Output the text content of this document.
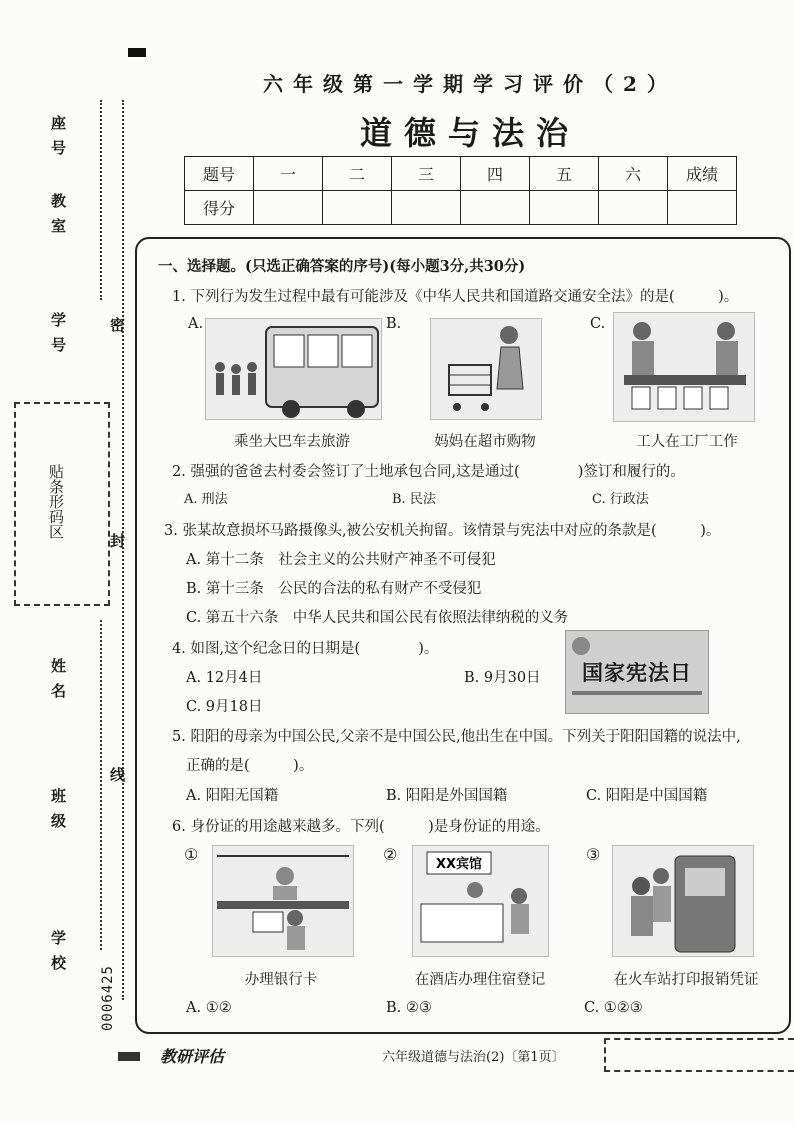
座号
教室
学号
姓名
班级
学校
密
封
线
贴条形码区
0006425
六年级第一学期学习评价（2）
道德与法治
题号	一	二	三	四	五	六	成绩
得分							
一、选择题。(只选正确答案的序号)(每小题3分,共30分)
1. 下列行为发生过程中最有可能涉及《中华人民共和国道路交通安全法》的是(　　　)。
A.	B.	C.
乘坐大巴车去旅游	妈妈在超市购物	工人在工厂工作
2. 强强的爸爸去村委会签订了土地承包合同,这是通过(　　　　)签订和履行的。
A. 刑法	B. 民法	C. 行政法
3. 张某故意损坏马路摄像头,被公安机关拘留。该情景与宪法中对应的条款是(　　　)。
A. 第十二条　社会主义的公共财产神圣不可侵犯
B. 第十三条　公民的合法的私有财产不受侵犯
C. 第五十六条　中华人民共和国公民有依照法律纳税的义务
4. 如图,这个纪念日的日期是(　　　　)。
A. 12月4日	B. 9月30日
C. 9月18日
国家宪法日
5. 阳阳的母亲为中国公民,父亲不是中国公民,他出生在中国。下列关于阳阳国籍的说法中,
正确的是(　　　)。
A. 阳阳无国籍	B. 阳阳是外国国籍	C. 阳阳是中国国籍
6. 身份证的用途越来越多。下列(　　　)是身份证的用途。
①	②	③
XX宾馆
办理银行卡	在酒店办理住宿登记	在火车站打印报销凭证
A. ①②	B. ②③	C. ①②③
教研评估	六年级道德与法治(2)〔第1页〕
